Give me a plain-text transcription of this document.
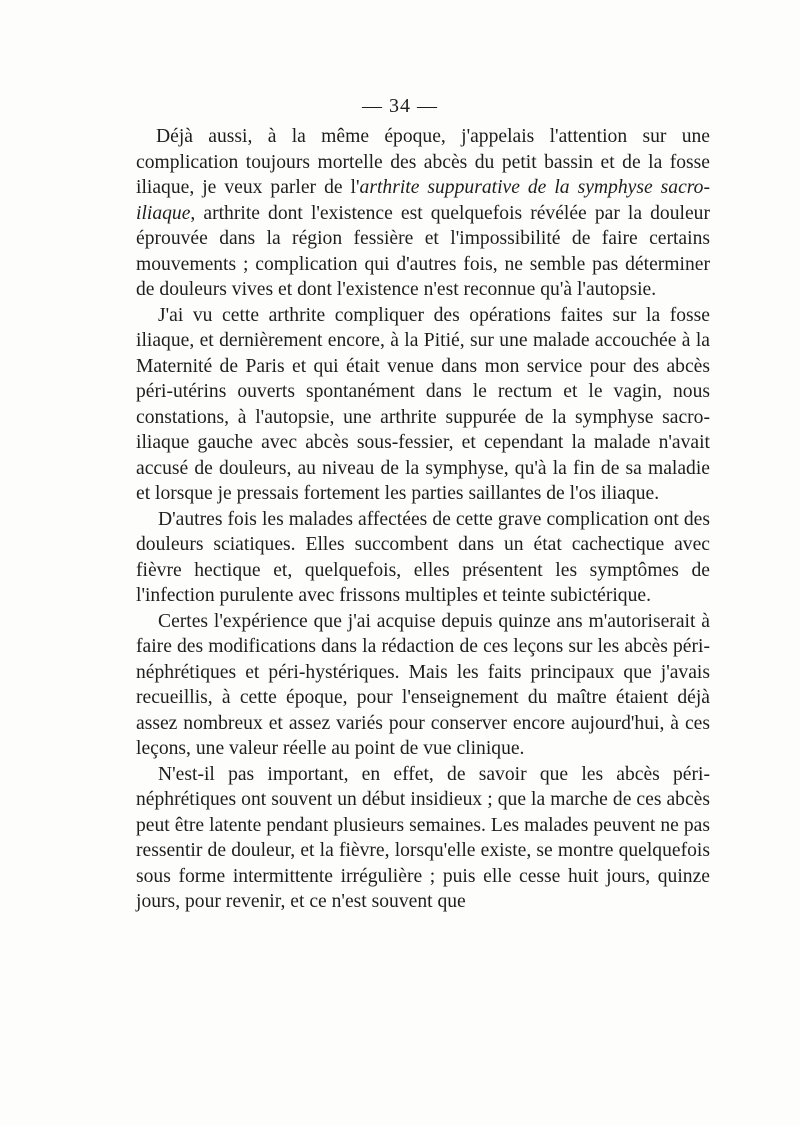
— 34 —

Déjà aussi, à la même époque, j'appelais l'attention sur une complication toujours mortelle des abcès du petit bassin et de la fosse iliaque, je veux parler de l'arthrite suppurative de la symphyse sacro-iliaque, arthrite dont l'existence est quelquefois révélée par la douleur éprouvée dans la région fessière et l'impossibilité de faire certains mouvements ; complication qui d'autres fois, ne semble pas déterminer de douleurs vives et dont l'existence n'est reconnue qu'à l'autopsie.

J'ai vu cette arthrite compliquer des opérations faites sur la fosse iliaque, et dernièrement encore, à la Pitié, sur une malade accouchée à la Maternité de Paris et qui était venue dans mon service pour des abcès péri-utérins ouverts spontanément dans le rectum et le vagin, nous constations, à l'autopsie, une arthrite suppurée de la symphyse sacro-iliaque gauche avec abcès sous-fessier, et cependant la malade n'avait accusé de douleurs, au niveau de la symphyse, qu'à la fin de sa maladie et lorsque je pressais fortement les parties saillantes de l'os iliaque.

D'autres fois les malades affectées de cette grave complication ont des douleurs sciatiques. Elles succombent dans un état cachectique avec fièvre hectique et, quelquefois, elles présentent les symptômes de l'infection purulente avec frissons multiples et teinte subictérique.

Certes l'expérience que j'ai acquise depuis quinze ans m'autoriserait à faire des modifications dans la rédaction de ces leçons sur les abcès péri-néphrétiques et péri-hystériques. Mais les faits principaux que j'avais recueillis, à cette époque, pour l'enseignement du maître étaient déjà assez nombreux et assez variés pour conserver encore aujourd'hui, à ces leçons, une valeur réelle au point de vue clinique.

N'est-il pas important, en effet, de savoir que les abcès péri-néphrétiques ont souvent un début insidieux ; que la marche de ces abcès peut être latente pendant plusieurs semaines. Les malades peuvent ne pas ressentir de douleur, et la fièvre, lorsqu'elle existe, se montre quelquefois sous forme intermittente irrégulière ; puis elle cesse huit jours, quinze jours, pour revenir, et ce n'est souvent que
